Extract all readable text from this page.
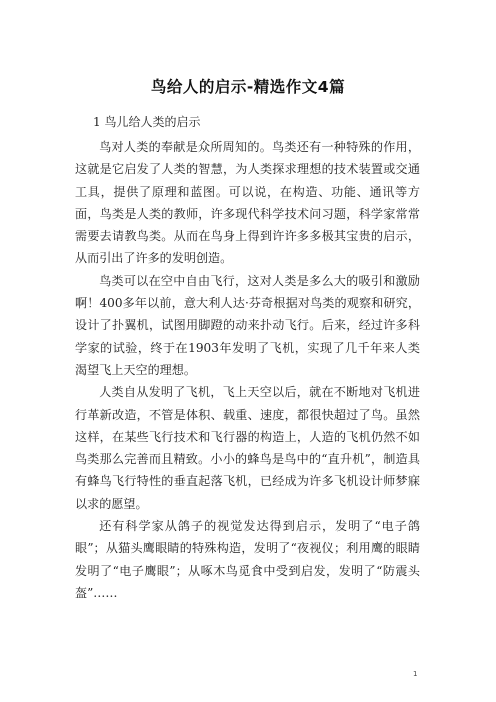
鸟给人的启示-精选作文4篇
1 鸟儿给人类的启示

鸟对人类的奉献是众所周知的。鸟类还有一种特殊的作用，这就是它启发了人类的智慧，为人类探求理想的技术装置或交通工具，提供了原理和蓝图。可以说，在构造、功能、通讯等方面，鸟类是人类的教师，许多现代科学技术问习题，科学家常常需要去请教鸟类。从而在鸟身上得到许许多多极其宝贵的启示，从而引出了许多的发明创造。

鸟类可以在空中自由飞行，这对人类是多么大的吸引和激励啊！400多年以前，意大利人达·芬奇根据对鸟类的观察和研究，设计了扑翼机，试图用脚蹬的动来扑动飞行。后来，经过许多科学家的试验，终于在1903年发明了飞机，实现了几千年来人类渴望飞上天空的理想。

人类自从发明了飞机，飞上天空以后，就在不断地对飞机进行革新改造，不管是体积、载重、速度，都很快超过了鸟。虽然这样，在某些飞行技术和飞行器的构造上，人造的飞机仍然不如鸟类那么完善而且精致。小小的蜂鸟是鸟中的“直升机”，制造具有蜂鸟飞行特性的垂直起落飞机，已经成为许多飞机设计师梦寐以求的愿望。

还有科学家从鸽子的视觉发达得到启示，发明了“电子鸽眼”；从猫头鹰眼睛的特殊构造，发明了“夜视仪；利用鹰的眼睛发明了“电子鹰眼”；从啄木鸟觅食中受到启发，发明了“防震头盔”……

1
